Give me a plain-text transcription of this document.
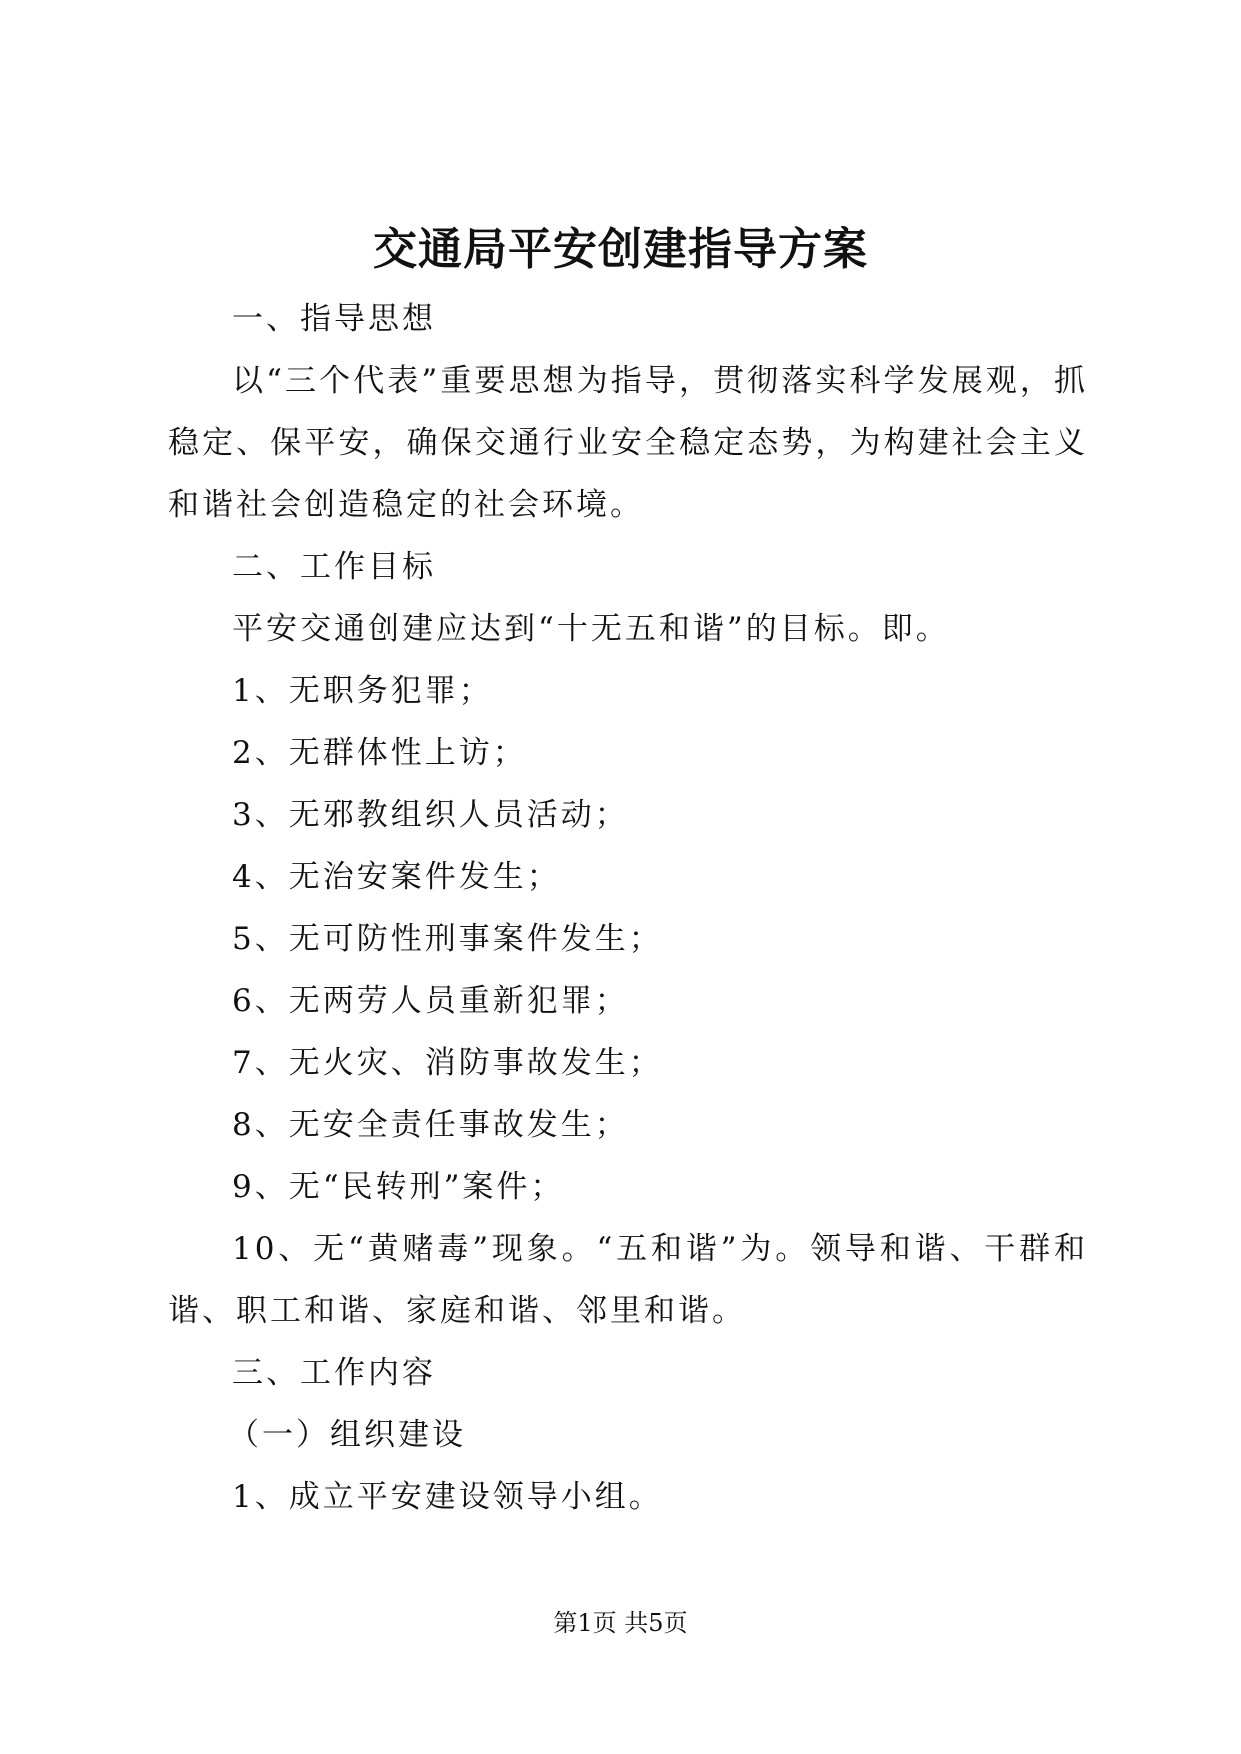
交通局平安创建指导方案

一、指导思想

以“三个代表”重要思想为指导，贯彻落实科学发展观，抓稳定、保平安，确保交通行业安全稳定态势，为构建社会主义和谐社会创造稳定的社会环境。

二、工作目标

平安交通创建应达到“十无五和谐”的目标。即。

1、无职务犯罪；

2、无群体性上访；

3、无邪教组织人员活动；

4、无治安案件发生；

5、无可防性刑事案件发生；

6、无两劳人员重新犯罪；

7、无火灾、消防事故发生；

8、无安全责任事故发生；

9、无“民转刑”案件；

10、无“黄赌毒”现象。“五和谐”为。领导和谐、干群和谐、职工和谐、家庭和谐、邻里和谐。

三、工作内容

（一）组织建设

1、成立平安建设领导小组。

第1页 共5页
